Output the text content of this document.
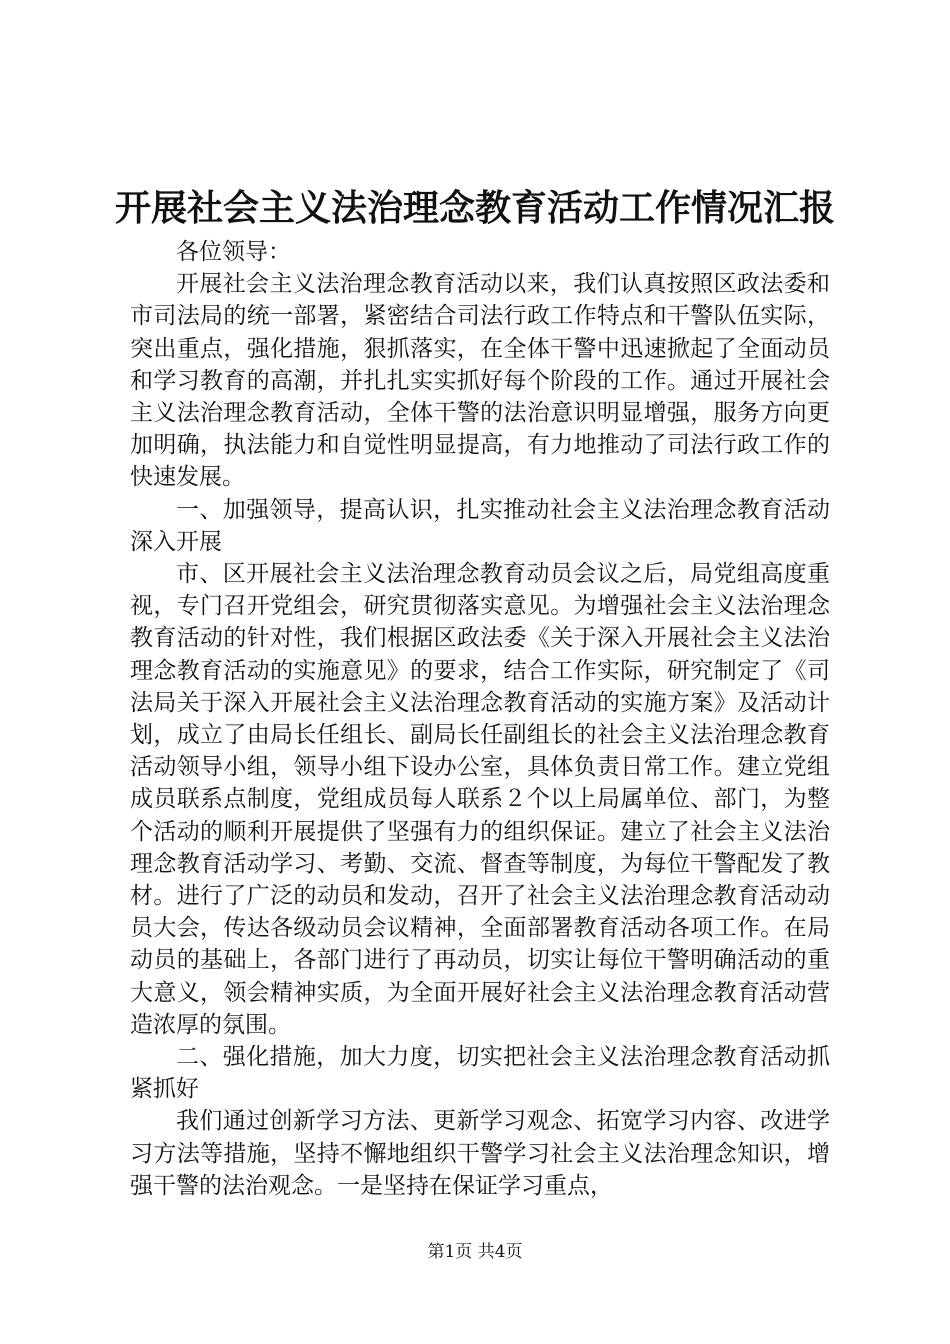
开展社会主义法治理念教育活动工作情况汇报

各位领导：

开展社会主义法治理念教育活动以来，我们认真按照区政法委和市司法局的统一部署，紧密结合司法行政工作特点和干警队伍实际，突出重点，强化措施，狠抓落实，在全体干警中迅速掀起了全面动员和学习教育的高潮，并扎扎实实抓好每个阶段的工作。通过开展社会主义法治理念教育活动，全体干警的法治意识明显增强，服务方向更加明确，执法能力和自觉性明显提高，有力地推动了司法行政工作的快速发展。

一、加强领导，提高认识，扎实推动社会主义法治理念教育活动深入开展

市、区开展社会主义法治理念教育动员会议之后，局党组高度重视，专门召开党组会，研究贯彻落实意见。为增强社会主义法治理念教育活动的针对性，我们根据区政法委《关于深入开展社会主义法治理念教育活动的实施意见》的要求，结合工作实际，研究制定了《司法局关于深入开展社会主义法治理念教育活动的实施方案》及活动计划，成立了由局长任组长、副局长任副组长的社会主义法治理念教育活动领导小组，领导小组下设办公室，具体负责日常工作。建立党组成员联系点制度，党组成员每人联系２个以上局属单位、部门，为整个活动的顺利开展提供了坚强有力的组织保证。建立了社会主义法治理念教育活动学习、考勤、交流、督查等制度，为每位干警配发了教材。进行了广泛的动员和发动，召开了社会主义法治理念教育活动动员大会，传达各级动员会议精神，全面部署教育活动各项工作。在局动员的基础上，各部门进行了再动员，切实让每位干警明确活动的重大意义，领会精神实质，为全面开展好社会主义法治理念教育活动营造浓厚的氛围。

二、强化措施，加大力度，切实把社会主义法治理念教育活动抓紧抓好

我们通过创新学习方法、更新学习观念、拓宽学习内容、改进学习方法等措施，坚持不懈地组织干警学习社会主义法治理念知识，增强干警的法治观念。一是坚持在保证学习重点，

第1页 共4页
